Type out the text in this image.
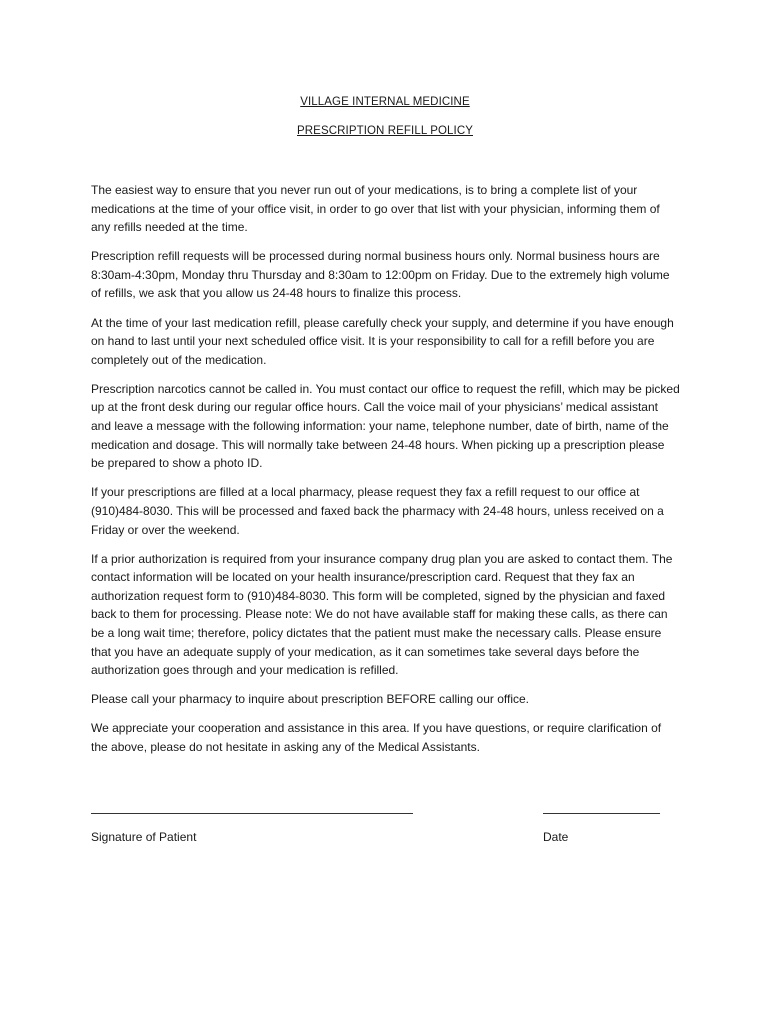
VILLAGE INTERNAL MEDICINE
PRESCRIPTION REFILL POLICY

The easiest way to ensure that you never run out of your medications, is to bring a complete list of your medications at the time of your office visit, in order to go over that list with your physician, informing them of any refills needed at the time.

Prescription refill requests will be processed during normal business hours only. Normal business hours are 8:30am-4:30pm, Monday thru Thursday and 8:30am to 12:00pm on Friday. Due to the extremely high volume of refills, we ask that you allow us 24-48 hours to finalize this process.

At the time of your last medication refill, please carefully check your supply, and determine if you have enough on hand to last until your next scheduled office visit. It is your responsibility to call for a refill before you are completely out of the medication.

Prescription narcotics cannot be called in. You must contact our office to request the refill, which may be picked up at the front desk during our regular office hours. Call the voice mail of your physicians’ medical assistant and leave a message with the following information: your name, telephone number, date of birth, name of the medication and dosage. This will normally take between 24-48 hours. When picking up a prescription please be prepared to show a photo ID.

If your prescriptions are filled at a local pharmacy, please request they fax a refill request to our office at (910)484-8030. This will be processed and faxed back the pharmacy with 24-48 hours, unless received on a Friday or over the weekend.

If a prior authorization is required from your insurance company drug plan you are asked to contact them. The contact information will be located on your health insurance/prescription card. Request that they fax an authorization request form to (910)484-8030. This form will be completed, signed by the physician and faxed back to them for processing. Please note: We do not have available staff for making these calls, as there can be a long wait time; therefore, policy dictates that the patient must make the necessary calls. Please ensure that you have an adequate supply of your medication, as it can sometimes take several days before the authorization goes through and your medication is refilled.

Please call your pharmacy to inquire about prescription BEFORE calling our office.

We appreciate your cooperation and assistance in this area. If you have questions, or require clarification of the above, please do not hesitate in asking any of the Medical Assistants.

Signature of Patient	Date
